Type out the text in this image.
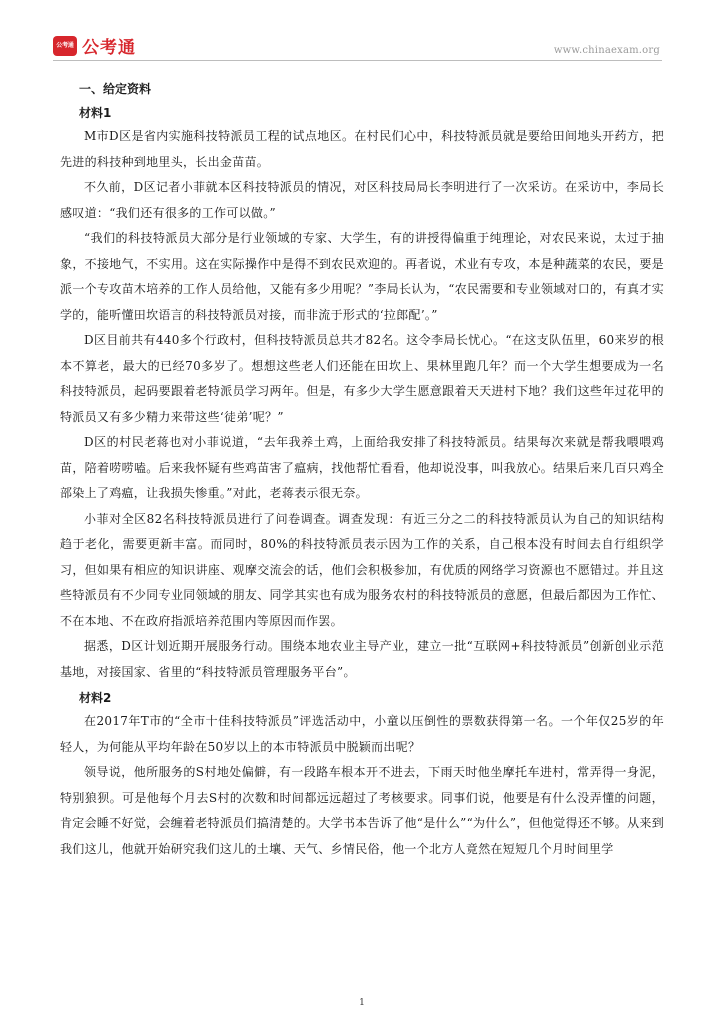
公考通 公考通	www.chinaexam.org
一、给定资料
材料1

M市D区是省内实施科技特派员工程的试点地区。在村民们心中，科技特派员就是要给田间地头开药方，把先进的科技种到地里头，长出金苗苗。

不久前，D区记者小菲就本区科技特派员的情况，对区科技局局长李明进行了一次采访。在采访中，李局长感叹道：“我们还有很多的工作可以做。”

“我们的科技特派员大部分是行业领域的专家、大学生，有的讲授得偏重于纯理论，对农民来说，太过于抽象，不接地气，不实用。这在实际操作中是得不到农民欢迎的。再者说，术业有专攻，本是种蔬菜的农民，要是派一个专攻苗木培养的工作人员给他，又能有多少用呢？”李局长认为，“农民需要和专业领域对口的，有真才实学的，能听懂田坎语言的科技特派员对接，而非流于形式的‘拉郎配’。”

D区目前共有440多个行政村，但科技特派员总共才82名。这令李局长忧心。“在这支队伍里，60来岁的根本不算老，最大的已经70多岁了。想想这些老人们还能在田坎上、果林里跑几年？而一个大学生想要成为一名科技特派员，起码要跟着老特派员学习两年。但是，有多少大学生愿意跟着天天进村下地？我们这些年过花甲的特派员又有多少精力来带这些‘徒弟’呢？”

D区的村民老蒋也对小菲说道，“去年我养土鸡，上面给我安排了科技特派员。结果每次来就是帮我喂喂鸡苗，陪着唠唠嗑。后来我怀疑有些鸡苗害了瘟病，找他帮忙看看，他却说没事，叫我放心。结果后来几百只鸡全部染上了鸡瘟，让我损失惨重。”对此，老蒋表示很无奈。

小菲对全区82名科技特派员进行了问卷调查。调查发现：有近三分之二的科技特派员认为自己的知识结构趋于老化，需要更新丰富。而同时，80%的科技特派员表示因为工作的关系，自己根本没有时间去自行组织学习，但如果有相应的知识讲座、观摩交流会的话，他们会积极参加，有优质的网络学习资源也不愿错过。并且这些特派员有不少同专业同领域的朋友、同学其实也有成为服务农村的科技特派员的意愿，但最后都因为工作忙、不在本地、不在政府指派培养范围内等原因而作罢。

据悉，D区计划近期开展服务行动。围绕本地农业主导产业，建立一批“互联网+科技特派员”创新创业示范基地，对接国家、省里的“科技特派员管理服务平台”。

材料2

在2017年T市的“全市十佳科技特派员”评选活动中，小童以压倒性的票数获得第一名。一个年仅25岁的年轻人，为何能从平均年龄在50岁以上的本市特派员中脱颖而出呢？

领导说，他所服务的S村地处偏僻，有一段路车根本开不进去，下雨天时他坐摩托车进村，常弄得一身泥，特别狼狈。可是他每个月去S村的次数和时间都远远超过了考核要求。同事们说，他要是有什么没弄懂的问题，肯定会睡不好觉，会缠着老特派员们搞清楚的。大学书本告诉了他“是什么”“为什么”，但他觉得还不够。从来到我们这儿，他就开始研究我们这儿的土壤、天气、乡情民俗，他一个北方人竟然在短短几个月时间里学

1
